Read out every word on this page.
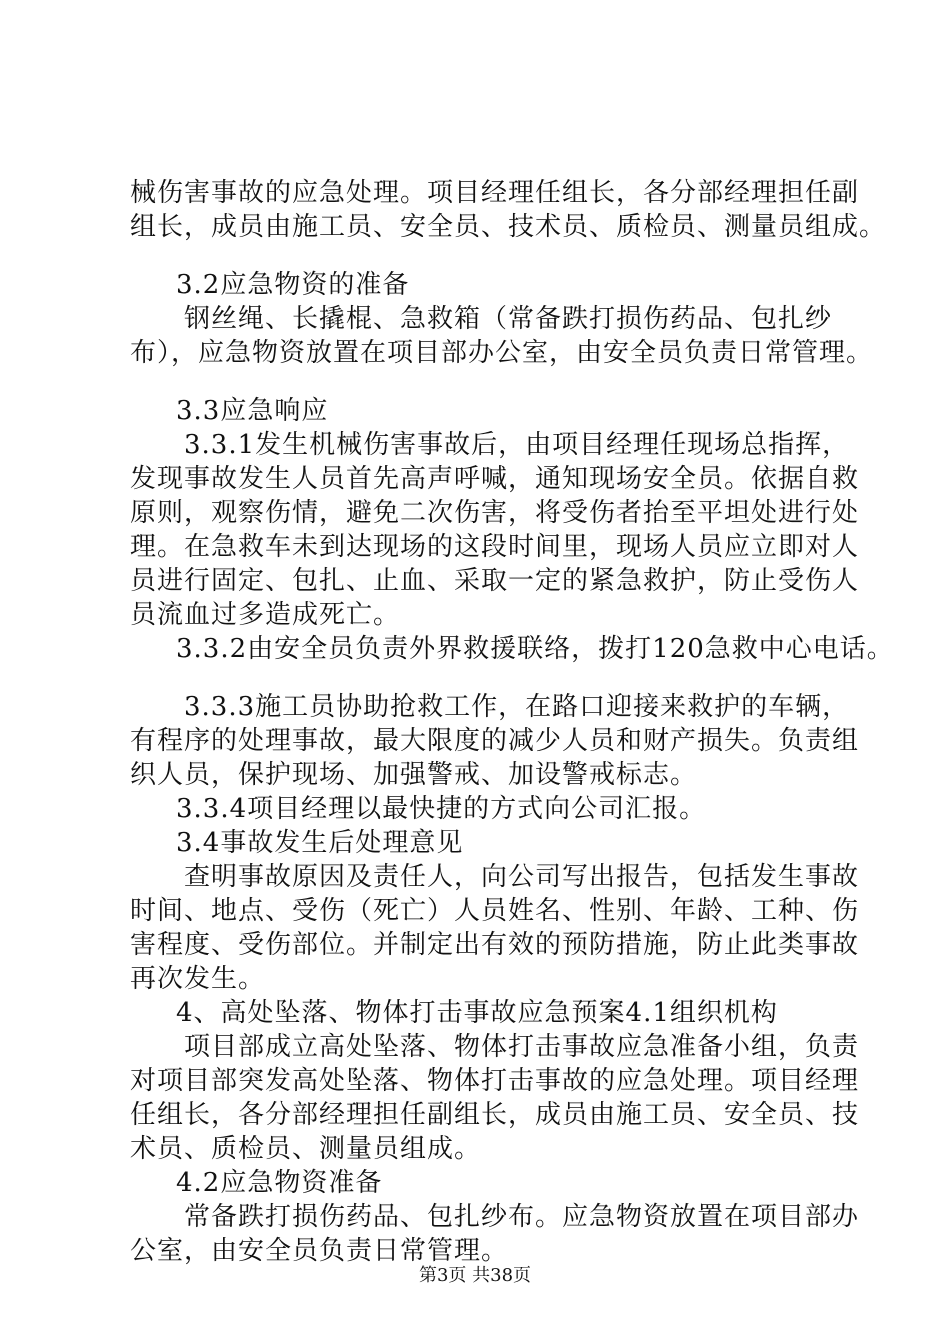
械伤害事故的应急处理。项目经理任组长，各分部经理担任副
组长，成员由施工员、安全员、技术员、质检员、测量员组成。
3.2应急物资的准备
钢丝绳、长撬棍、急救箱（常备跌打损伤药品、包扎纱
布），应急物资放置在项目部办公室，由安全员负责日常管理。
3.3应急响应
3.3.1发生机械伤害事故后，由项目经理任现场总指挥，
发现事故发生人员首先高声呼喊，通知现场安全员。依据自救
原则，观察伤情，避免二次伤害，将受伤者抬至平坦处进行处
理。在急救车未到达现场的这段时间里，现场人员应立即对人
员进行固定、包扎、止血、采取一定的紧急救护，防止受伤人
员流血过多造成死亡。
3.3.2由安全员负责外界救援联络，拨打120急救中心电话。
3.3.3施工员协助抢救工作，在路口迎接来救护的车辆，
有程序的处理事故，最大限度的减少人员和财产损失。负责组
织人员，保护现场、加强警戒、加设警戒标志。
3.3.4项目经理以最快捷的方式向公司汇报。
3.4事故发生后处理意见
查明事故原因及责任人，向公司写出报告，包括发生事故
时间、地点、受伤（死亡）人员姓名、性别、年龄、工种、伤
害程度、受伤部位。并制定出有效的预防措施，防止此类事故
再次发生。
4、高处坠落、物体打击事故应急预案4.1组织机构
项目部成立高处坠落、物体打击事故应急准备小组，负责
对项目部突发高处坠落、物体打击事故的应急处理。项目经理
任组长，各分部经理担任副组长，成员由施工员、安全员、技
术员、质检员、测量员组成。
4.2应急物资准备
常备跌打损伤药品、包扎纱布。应急物资放置在项目部办
公室，由安全员负责日常管理。
第3页 共38页
